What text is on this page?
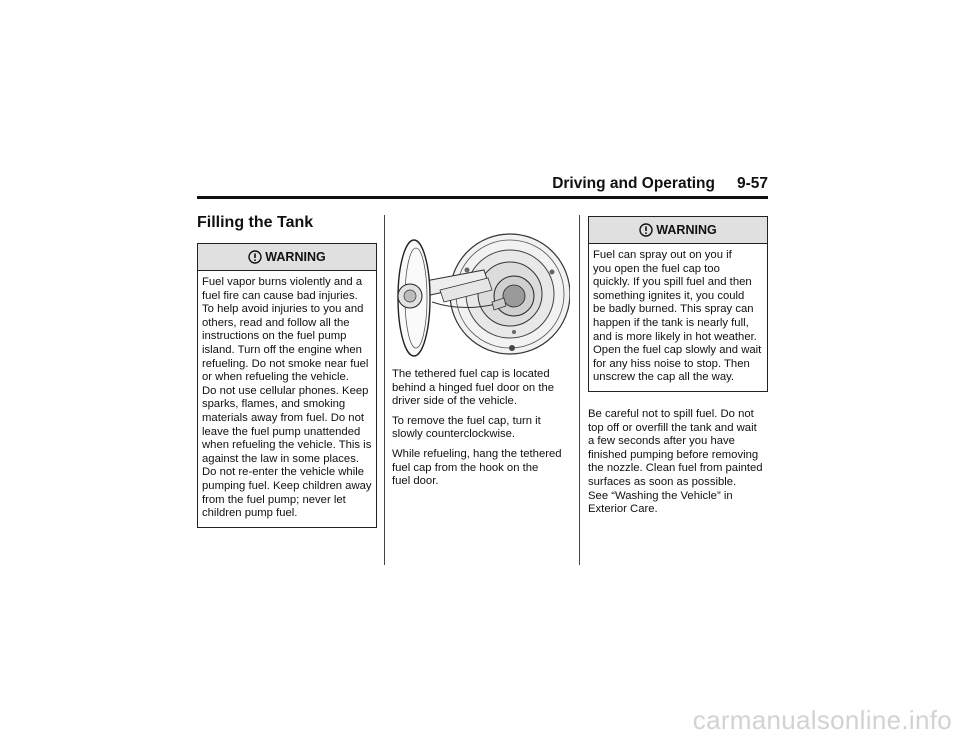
Driving and Operating 9-57
Filling the Tank
WARNING
Fuel vapor burns violently and a
fuel fire can cause bad injuries.
To help avoid injuries to you and
others, read and follow all the
instructions on the fuel pump
island. Turn off the engine when
refueling. Do not smoke near fuel
or when refueling the vehicle.
Do not use cellular phones. Keep
sparks, flames, and smoking
materials away from fuel. Do not
leave the fuel pump unattended
when refueling the vehicle. This is
against the law in some places.
Do not re-enter the vehicle while
pumping fuel. Keep children away
from the fuel pump; never let
children pump fuel.

The tethered fuel cap is located
behind a hinged fuel door on the
driver side of the vehicle.

To remove the fuel cap, turn it
slowly counterclockwise.

While refueling, hang the tethered
fuel cap from the hook on the
fuel door.

WARNING
Fuel can spray out on you if
you open the fuel cap too
quickly. If you spill fuel and then
something ignites it, you could
be badly burned. This spray can
happen if the tank is nearly full,
and is more likely in hot weather.
Open the fuel cap slowly and wait
for any hiss noise to stop. Then
unscrew the cap all the way.

Be careful not to spill fuel. Do not
top off or overfill the tank and wait
a few seconds after you have
finished pumping before removing
the nozzle. Clean fuel from painted
surfaces as soon as possible.
See “Washing the Vehicle” in
Exterior Care.

carmanualsonline.info
